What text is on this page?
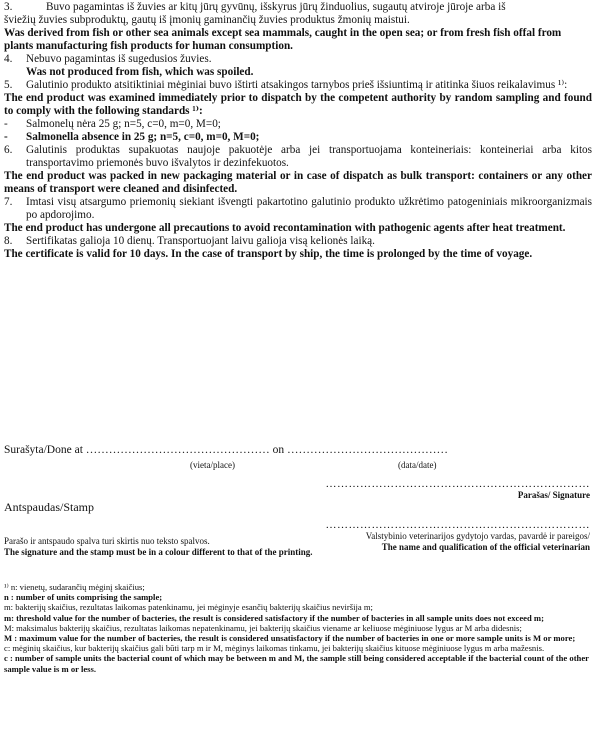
3.	Buvo pagamintas iš žuvies ar kitų jūrų gyvūnų, išskyrus jūrų žinduolius, sugautų atviroje jūroje arba iš
šviežių žuvies subproduktų, gautų iš įmonių gaminančių žuvies produktus žmonių maistui.
Was derived from fish or other sea animals except sea mammals, caught in the open sea; or from fresh fish offal from plants manufacturing fish products for human consumption.
4.	Nebuvo pagamintas iš sugedusios žuvies.
Was not produced from fish, which was spoiled.
5.	Galutinio produkto atsitiktiniai mėginiai buvo ištirti atsakingos tarnybos prieš išsiuntimą ir atitinka šiuos reikalavimus ¹⁾:
The end product was examined immediately prior to dispatch by the competent authority by random sampling and found to comply with the following standards ¹⁾:
-	Salmonelų nėra 25 g; n=5, c=0, m=0, M=0;
-	Salmonella absence in 25 g; n=5, c=0, m=0, M=0;
6.	Galutinis produktas supakuotas naujoje pakuotėje arba jei transportuojama konteineriais: konteineriai arba kitos transportavimo priemonės buvo išvalytos ir dezinfekuotos.
The end product was packed in new packaging material or in case of dispatch as bulk transport: containers or any other means of transport were cleaned and disinfected.
7.	Imtasi visų atsargumo priemonių siekiant išvengti pakartotino galutinio produkto užkrėtimo patogeniniais mikroorganizmais po apdorojimo.
The end product has undergone all precautions to avoid recontamination with pathogenic agents after heat treatment.
8.	Sertifikatas galioja 10 dienų. Transportuojant laivu galioja visą kelionės laiką.
The certificate is valid for 10 days. In the case of transport by ship, the time is prolonged by the time of voyage.
Surašyta/Done at ………………………………………… on ……………………………………
(vieta/place)	(data/date)
Antspaudas/Stamp
……………………………………………………………
Valstybinio veterinarijos gydytojo vardas, pavardė ir pareigos/
The name and qualification of the official veterinarian
……………………………………………………………
Parašas/ Signature
Parašo ir antspaudo spalva turi skirtis nuo teksto spalvos.
The signature and the stamp must be in a colour different to that of the printing.
¹⁾ n: vienetų, sudarančių mėginį skaičius;
n : number of units comprising the sample;
m: bakterijų skaičius, rezultatas laikomas patenkinamu, jei mėginyje esančių bakterijų skaičius neviršija m;
m: threshold value for the number of bacteries, the result is considered satisfactory if the number of bacteries in all sample units does not exceed m;
M: maksimalus bakterijų skaičius, rezultatas laikomas nepatenkinamu, jei bakterijų skaičius viename ar keliuose mėginiuose lygus ar M arba didesnis;
M : maximum value for the number of bacteries, the result is considered unsatisfactory if the number of bacteries in one or more sample units is M or more;
c: mėginių skaičius, kur bakterijų skaičius gali būti tarp m ir M, mėginys laikomas tinkamu, jei bakterijų skaičius kituose mėginiuose lygus m arba mažesnis.
c : number of sample units the bacterial count of which may be between m and M, the sample still being considered acceptable if the bacterial count of the other sample value is m or less.
